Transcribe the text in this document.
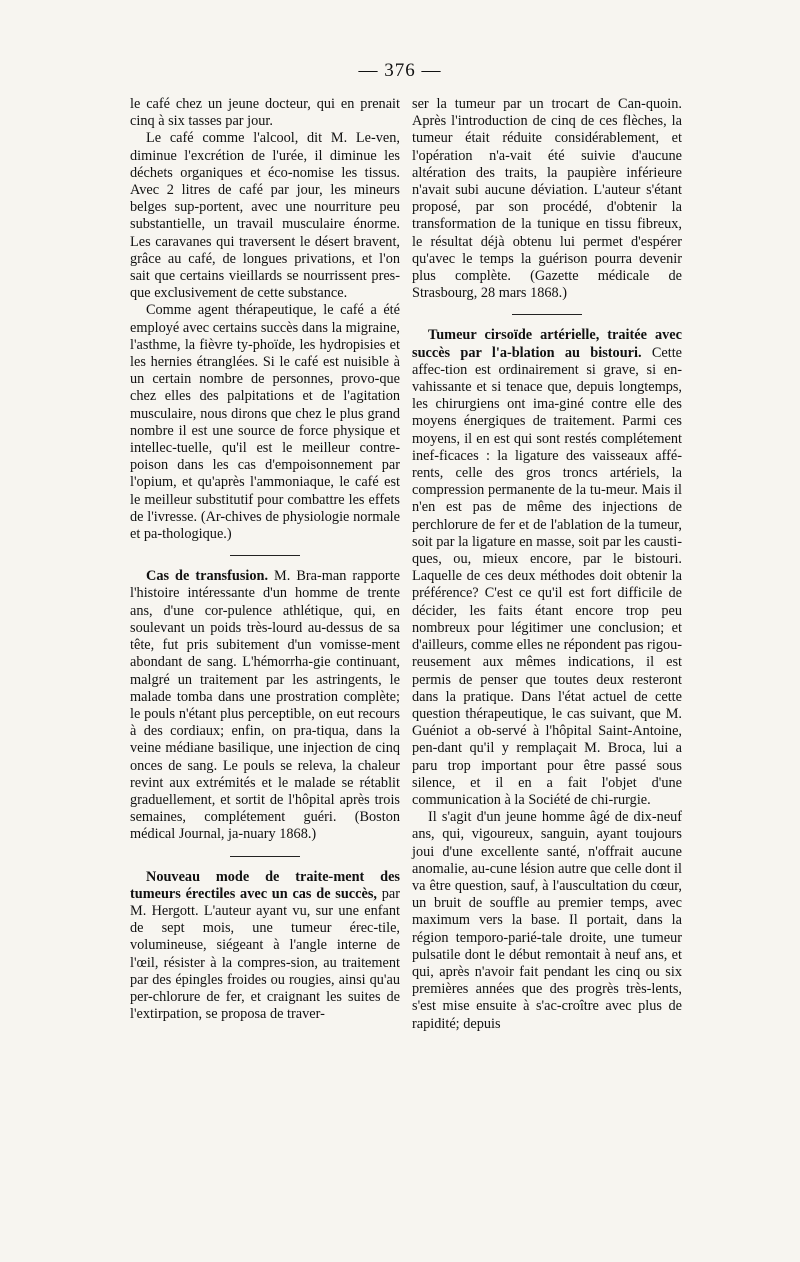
— 376 —

le café chez un jeune docteur, qui en prenait cinq à six tasses par jour.

Le café comme l'alcool, dit M. Le-ven, diminue l'excrétion de l'urée, il diminue les déchets organiques et éco-nomise les tissus. Avec 2 litres de café par jour, les mineurs belges sup-portent, avec une nourriture peu substantielle, un travail musculaire énorme. Les caravanes qui traversent le désert bravent, grâce au café, de longues privations, et l'on sait que certains vieillards se nourrissent pres-que exclusivement de cette substance.

Comme agent thérapeutique, le café a été employé avec certains succès dans la migraine, l'asthme, la fièvre ty-phoïde, les hydropisies et les hernies étranglées. Si le café est nuisible à un certain nombre de personnes, provo-que chez elles des palpitations et de l'agitation musculaire, nous dirons que chez le plus grand nombre il est une source de force physique et intellec-tuelle, qu'il est le meilleur contre-poison dans les cas d'empoisonnement par l'opium, et qu'après l'ammoniaque, le café est le meilleur substitutif pour combattre les effets de l'ivresse. (Ar-chives de physiologie normale et pa-thologique.)

Cas de transfusion. M. Bra-man rapporte l'histoire intéressante d'un homme de trente ans, d'une cor-pulence athlétique, qui, en soulevant un poids très-lourd au-dessus de sa tête, fut pris subitement d'un vomisse-ment abondant de sang. L'hémorrha-gie continuant, malgré un traitement par les astringents, le malade tomba dans une prostration complète; le pouls n'étant plus perceptible, on eut recours à des cordiaux; enfin, on pra-tiqua, dans la veine médiane basilique, une injection de cinq onces de sang. Le pouls se releva, la chaleur revint aux extrémités et le malade se rétablit graduellement, et sortit de l'hôpital après trois semaines, complétement guéri. (Boston médical Journal, ja-nuary 1868.)

Nouveau mode de traite-ment des tumeurs érectiles avec un cas de succès, par M. Hergott. L'auteur ayant vu, sur une enfant de sept mois, une tumeur érec-tile, volumineuse, siégeant à l'angle interne de l'œil, résister à la compres-sion, au traitement par des épingles froides ou rougies, ainsi qu'au per-chlorure de fer, et craignant les suites de l'extirpation, se proposa de traver-

ser la tumeur par un trocart de Can-quoin. Après l'introduction de cinq de ces flèches, la tumeur était réduite considérablement, et l'opération n'a-vait été suivie d'aucune altération des traits, la paupière inférieure n'avait subi aucune déviation. L'auteur s'étant proposé, par son procédé, d'obtenir la transformation de la tunique en tissu fibreux, le résultat déjà obtenu lui permet d'espérer qu'avec le temps la guérison pourra devenir plus complète. (Gazette médicale de Strasbourg, 28 mars 1868.)

Tumeur cirsoïde artérielle, traitée avec succès par l'a-blation au bistouri. Cette affec-tion est ordinairement si grave, si en-vahissante et si tenace que, depuis longtemps, les chirurgiens ont ima-giné contre elle des moyens énergiques de traitement. Parmi ces moyens, il en est qui sont restés complétement inef-ficaces : la ligature des vaisseaux affé-rents, celle des gros troncs artériels, la compression permanente de la tu-meur. Mais il n'en est pas de même des injections de perchlorure de fer et de l'ablation de la tumeur, soit par la ligature en masse, soit par les causti-ques, ou, mieux encore, par le bistouri. Laquelle de ces deux méthodes doit obtenir la préférence? C'est ce qu'il est fort difficile de décider, les faits étant encore trop peu nombreux pour légitimer une conclusion; et d'ailleurs, comme elles ne répondent pas rigou-reusement aux mêmes indications, il est permis de penser que toutes deux resteront dans la pratique. Dans l'état actuel de cette question thérapeutique, le cas suivant, que M. Guéniot a ob-servé à l'hôpital Saint-Antoine, pen-dant qu'il y remplaçait M. Broca, lui a paru trop important pour être passé sous silence, et il en a fait l'objet d'une communication à la Société de chi-rurgie.

Il s'agit d'un jeune homme âgé de dix-neuf ans, qui, vigoureux, sanguin, ayant toujours joui d'une excellente santé, n'offrait aucune anomalie, au-cune lésion autre que celle dont il va être question, sauf, à l'auscultation du cœur, un bruit de souffle au premier temps, avec maximum vers la base. Il portait, dans la région temporo-parié-tale droite, une tumeur pulsatile dont le début remontait à neuf ans, et qui, après n'avoir fait pendant les cinq ou six premières années que des progrès très-lents, s'est mise ensuite à s'ac-croître avec plus de rapidité; depuis
